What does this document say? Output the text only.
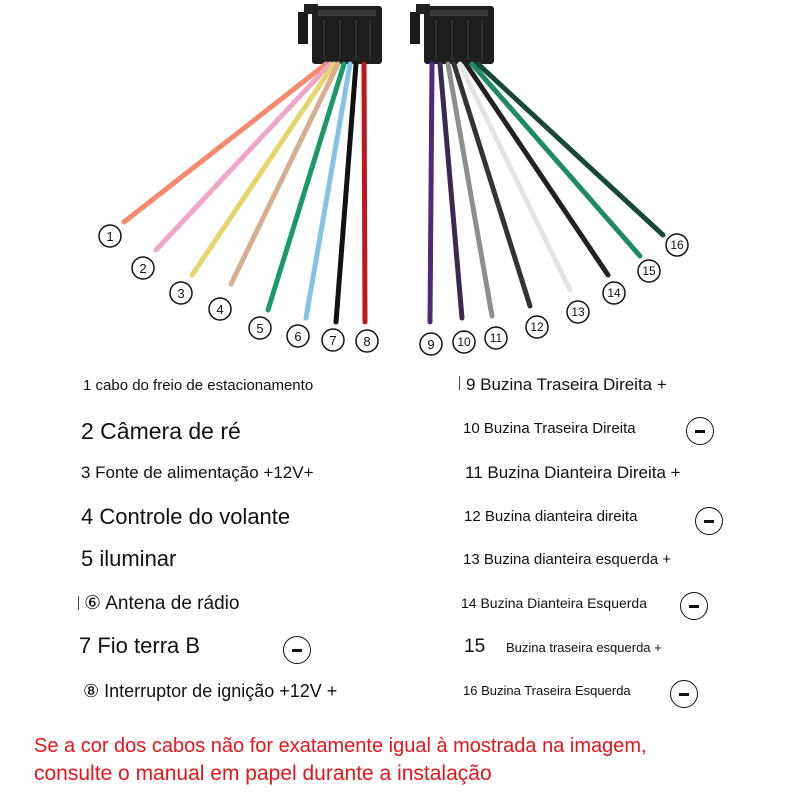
1
2
3
4
5
6 7 8	9 10 11
12
13
14
15
16
1 cabo do freio de estacionamento
2 Câmera de ré
3 Fonte de alimentação +12V+
4 Controle do volante
5 iluminar
⑥ Antena de rádio
7 Fio terra B
⑧ Interruptor de ignição +12V +
9 Buzina Traseira Direita +
10 Buzina Traseira Direita
11 Buzina Dianteira Direita +
12 Buzina dianteira direita
13 Buzina dianteira esquerda +
14 Buzina Dianteira Esquerda
15 Buzina traseira esquerda +
16 Buzina Traseira Esquerda
Se a cor dos cabos não for exatamente igual à mostrada na imagem,
consulte o manual em papel durante a instalação
